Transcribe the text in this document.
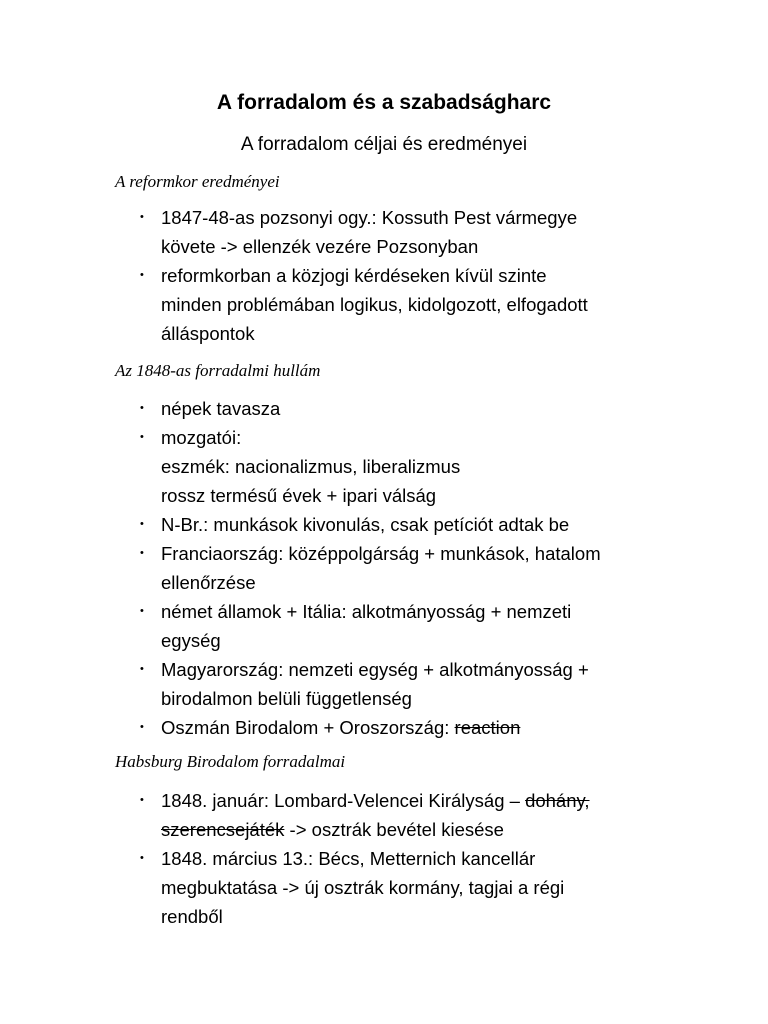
A forradalom és a szabadságharc
A forradalom céljai és eredményei
A reformkor eredményei
• 1847-48-as pozsonyi ogy.: Kossuth Pest vármegye
követe -> ellenzék vezére Pozsonyban
• reformkorban a közjogi kérdéseken kívül szinte
minden problémában logikus, kidolgozott, elfogadott
álláspontok
Az 1848-as forradalmi hullám
• népek tavasza
• mozgatói:
eszmék: nacionalizmus, liberalizmus
rossz termésű évek + ipari válság
• N-Br.: munkások kivonulás, csak petíciót adtak be
• Franciaország: középpolgárság + munkások, hatalom
ellenőrzése
• német államok + Itália: alkotmányosság + nemzeti
egység
• Magyarország: nemzeti egység + alkotmányosság +
birodalmon belüli függetlenség
• Oszmán Birodalom + Oroszország: reaction
Habsburg Birodalom forradalmai
• 1848. január: Lombard-Velencei Királyság – dohány,
szerencsejáték -> osztrák bevétel kiesése
• 1848. március 13.: Bécs, Metternich kancellár
megbuktatása -> új osztrák kormány, tagjai a régi
rendből
